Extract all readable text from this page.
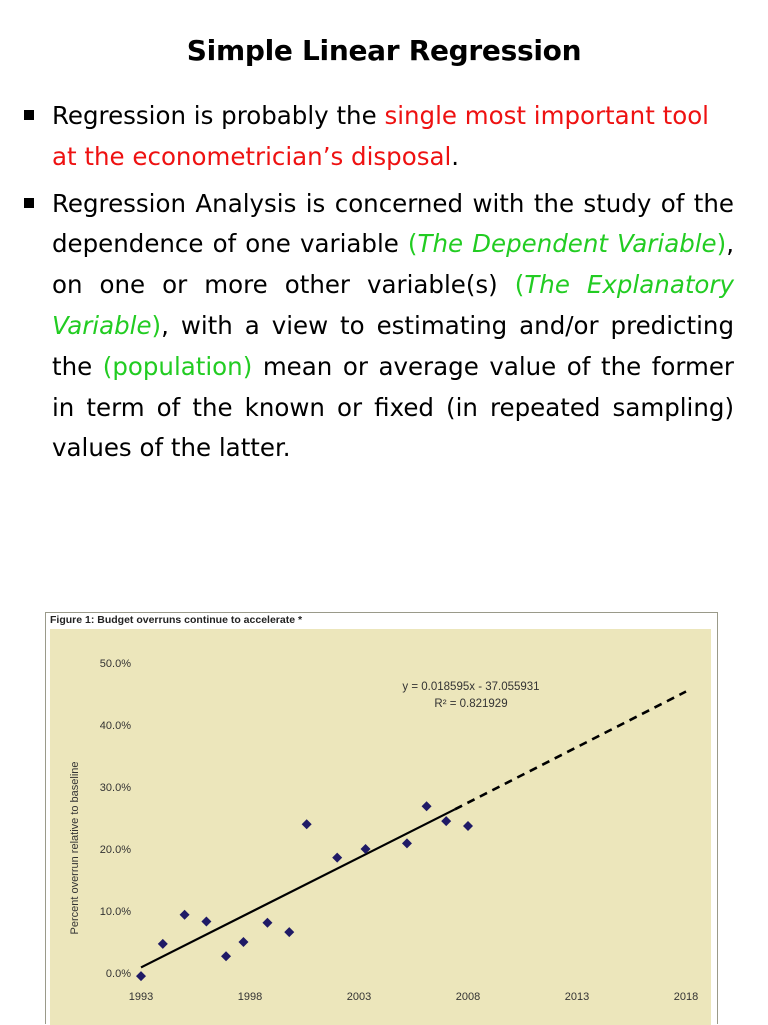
Simple Linear Regression
Regression is probably the single most important tool at the econometrician’s disposal.
Regression Analysis is concerned with the study of the dependence of one variable (The Dependent Variable), on one or more other variable(s) (The Explanatory Variable), with a view to estimating and/or predicting the (population) mean or average value of the former in term of the known or fixed (in repeated sampling) values of the latter.
Figure 1: Budget overruns continue to accelerate *
0.0%
10.0%
20.0%
30.0%
40.0%
50.0%
1993	1998	2003	2008	2013	2018
Percent overrun relative to baseline
y = 0.018595x - 37.055931
R² = 0.821929
